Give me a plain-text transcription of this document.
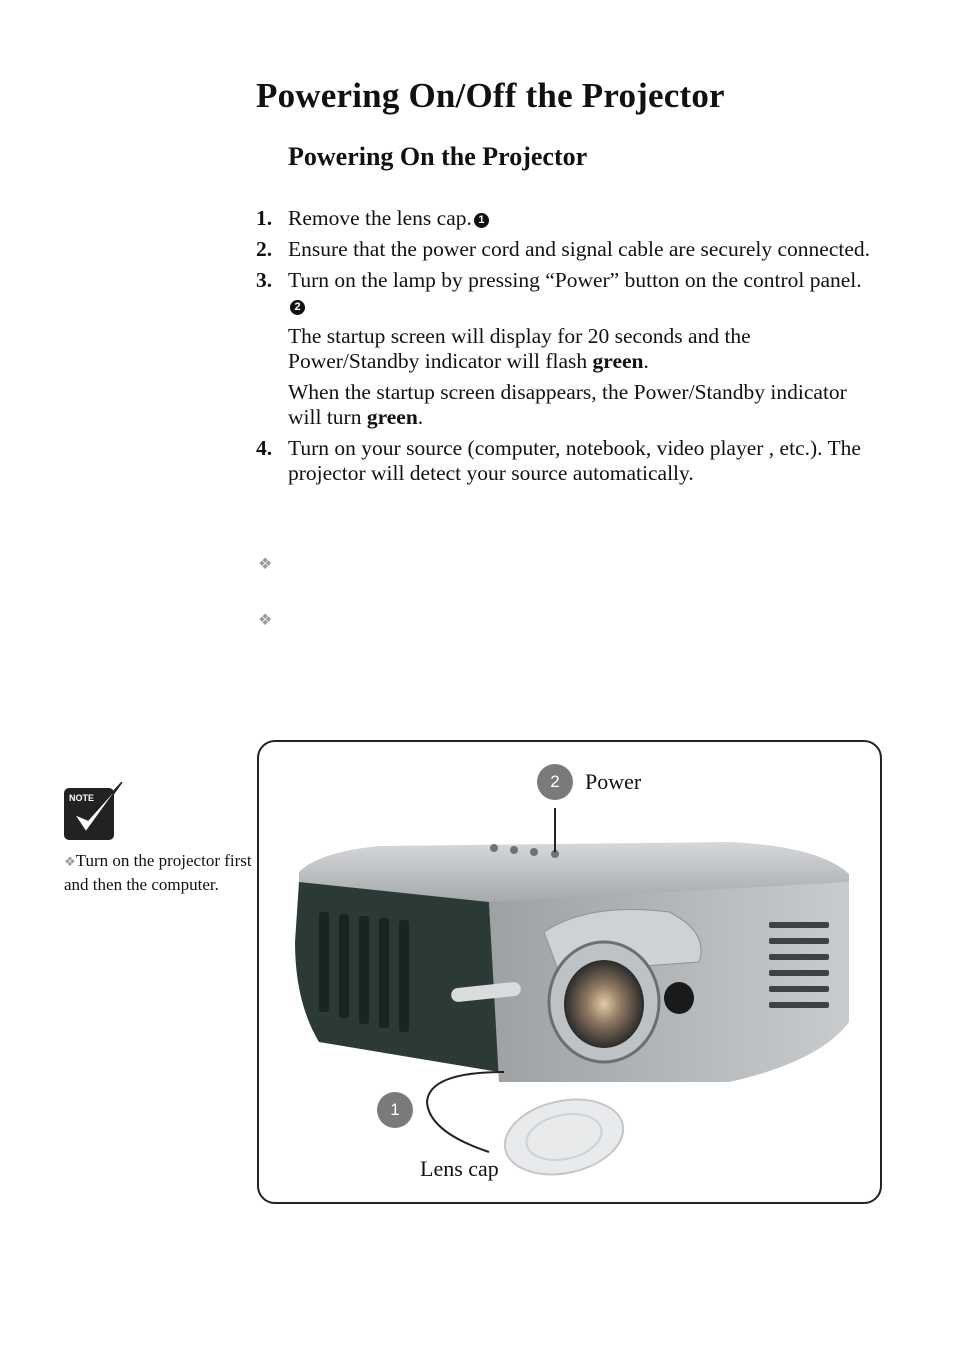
Powering On/Off the Projector
Powering On the Projector
1. Remove the lens cap. 1

2. Ensure that the power cord and signal cable are securely connected.

3. Turn on the lamp by pressing “Power” button on the control panel. 2

The startup screen will display for 20 seconds and the Power/Standby indicator will flash green.

When the startup screen disappears, the Power/Standby indicator will turn green.

4. Turn on your source (computer, notebook, video player , etc.). The projector will detect your source automatically.

❖
❖
NOTE
❖Turn on the projector first and then the computer.
2	Power
1
Lens cap
